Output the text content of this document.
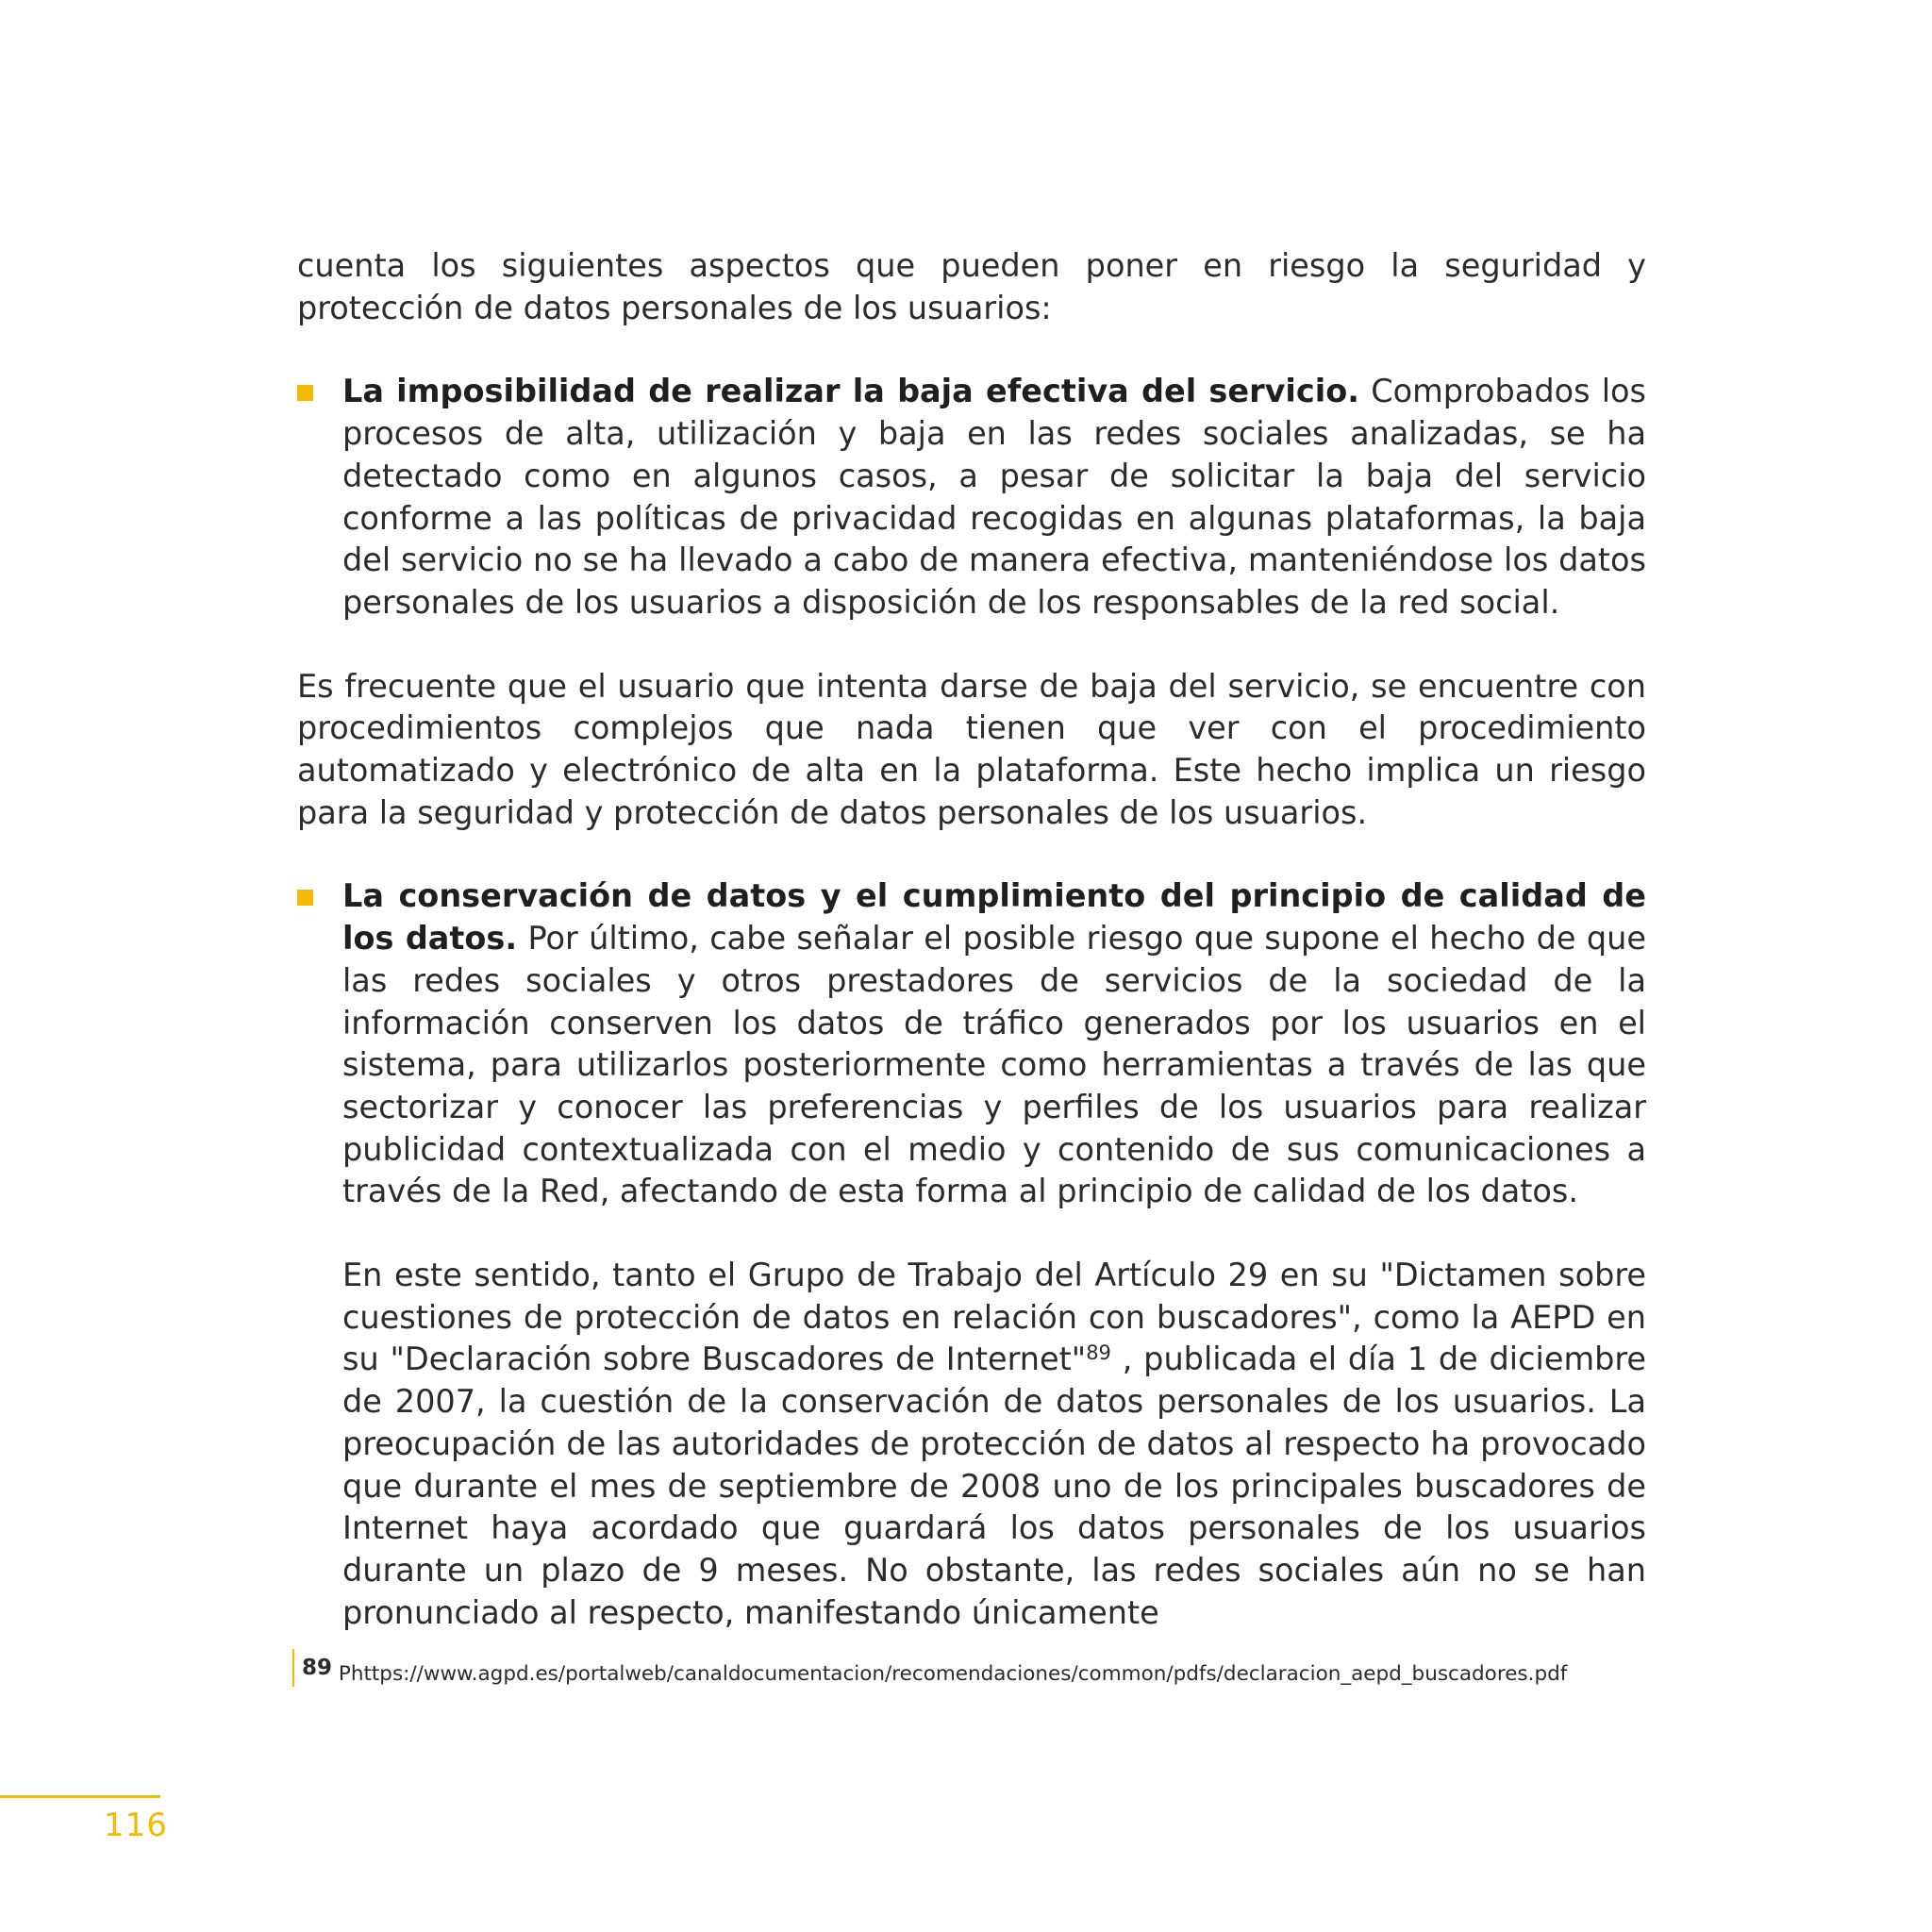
cuenta los siguientes aspectos que pueden poner en riesgo la seguridad y protección de datos personales de los usuarios:

La imposibilidad de realizar la baja efectiva del servicio. Comprobados los procesos de alta, utilización y baja en las redes sociales analizadas, se ha detectado como en algunos casos, a pesar de solicitar la baja del servicio conforme a las políticas de privacidad recogidas en algunas plataformas, la baja del servicio no se ha llevado a cabo de manera efectiva, manteniéndose los datos personales de los usuarios a disposición de los responsables de la red social.

Es frecuente que el usuario que intenta darse de baja del servicio, se encuentre con procedimientos complejos que nada tienen que ver con el procedimiento automatizado y electrónico de alta en la plataforma. Este hecho implica un riesgo para la seguridad y protección de datos personales de los usuarios.

La conservación de datos y el cumplimiento del principio de calidad de los datos. Por último, cabe señalar el posible riesgo que supone el hecho de que las redes sociales y otros prestadores de servicios de la sociedad de la información conserven los datos de tráfico generados por los usuarios en el sistema, para utilizarlos posteriormente como herramientas a través de las que sectorizar y conocer las preferencias y perfiles de los usuarios para realizar publicidad contextualizada con el medio y contenido de sus comunicaciones a través de la Red, afectando de esta forma al principio de calidad de los datos.

En este sentido, tanto el Grupo de Trabajo del Artículo 29 en su "Dictamen sobre cuestiones de protección de datos en relación con buscadores", como la AEPD en su "Declaración sobre Buscadores de Internet"$^{89}$ , publicada el día 1 de diciembre de 2007, la cuestión de la conservación de datos personales de los usuarios. La preocupación de las autoridades de protección de datos al respecto ha provocado que durante el mes de septiembre de 2008 uno de los principales buscadores de Internet haya acordado que guardará los datos personales de los usuarios durante un plazo de 9 meses. No obstante, las redes sociales aún no se han pronunciado al respecto, manifestando únicamente

89 Phttps://www.agpd.es/portalweb/canaldocumentacion/recomendaciones/common/pdfs/declaracion_aepd_buscadores.pdf
116
